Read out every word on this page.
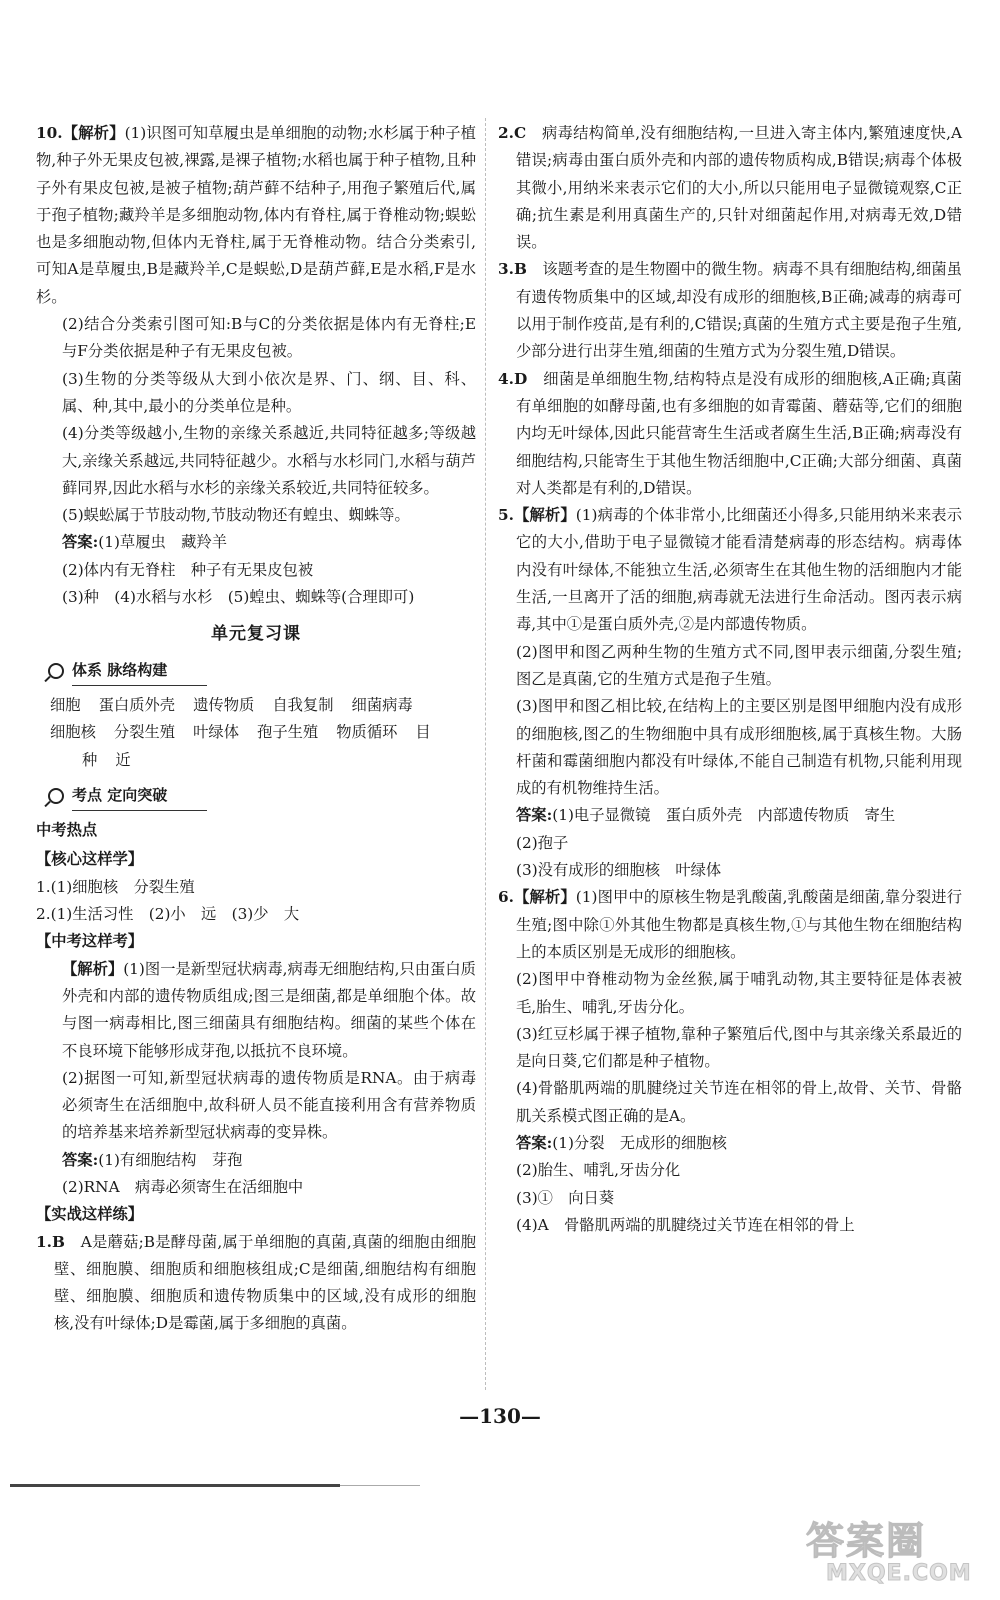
10.【解析】(1)识图可知草履虫是单细胞的动物;水杉属于种子植物,种子外无果皮包被,裸露,是裸子植物;水稻也属于种子植物,且种子外有果皮包被,是被子植物;葫芦藓不结种子,用孢子繁殖后代,属于孢子植物;藏羚羊是多细胞动物,体内有脊柱,属于脊椎动物;蜈蚣也是多细胞动物,但体内无脊柱,属于无脊椎动物。结合分类索引,可知A是草履虫,B是藏羚羊,C是蜈蚣,D是葫芦藓,E是水稻,F是水杉。

(2)结合分类索引图可知:B与C的分类依据是体内有无脊柱;E与F分类依据是种子有无果皮包被。

(3)生物的分类等级从大到小依次是界、门、纲、目、科、属、种,其中,最小的分类单位是种。

(4)分类等级越小,生物的亲缘关系越近,共同特征越多;等级越大,亲缘关系越远,共同特征越少。水稻与水杉同门,水稻与葫芦藓同界,因此水稻与水杉的亲缘关系较近,共同特征较多。

(5)蜈蚣属于节肢动物,节肢动物还有蝗虫、蜘蛛等。

答案:(1)草履虫　藏羚羊

(2)体内有无脊柱　种子有无果皮包被

(3)种　(4)水稻与水杉　(5)蝗虫、蜘蛛等(合理即可)

单元复习课
体系 脉络构建

细胞 蛋白质外壳 遗传物质 自我复制 细菌病毒

细胞核 分裂生殖 叶绿体 孢子生殖 物质循环 目

种 近

考点 定向突破

中考热点

【核心这样学】

1.(1)细胞核　分裂生殖

2.(1)生活习性　(2)小　远　(3)少　大

【中考这样考】

【解析】(1)图一是新型冠状病毒,病毒无细胞结构,只由蛋白质外壳和内部的遗传物质组成;图三是细菌,都是单细胞个体。故与图一病毒相比,图三细菌具有细胞结构。细菌的某些个体在不良环境下能够形成芽孢,以抵抗不良环境。

(2)据图一可知,新型冠状病毒的遗传物质是RNA。由于病毒必须寄生在活细胞中,故科研人员不能直接利用含有营养物质的培养基来培养新型冠状病毒的变异株。

答案:(1)有细胞结构　芽孢

(2)RNA　病毒必须寄生在活细胞中

【实战这样练】

1.B　 A是蘑菇;B是酵母菌,属于单细胞的真菌,真菌的细胞由细胞壁、细胞膜、细胞质和细胞核组成;C是细菌,细胞结构有细胞壁、细胞膜、细胞质和遗传物质集中的区域,没有成形的细胞核,没有叶绿体;D是霉菌,属于多细胞的真菌。

2.C　 病毒结构简单,没有细胞结构,一旦进入寄主体内,繁殖速度快,A错误;病毒由蛋白质外壳和内部的遗传物质构成,B错误;病毒个体极其微小,用纳米来表示它们的大小,所以只能用电子显微镜观察,C正确;抗生素是利用真菌生产的,只针对细菌起作用,对病毒无效,D错误。

3.B　 该题考查的是生物圈中的微生物。病毒不具有细胞结构,细菌虽有遗传物质集中的区域,却没有成形的细胞核,B正确;减毒的病毒可以用于制作疫苗,是有利的,C错误;真菌的生殖方式主要是孢子生殖,少部分进行出芽生殖,细菌的生殖方式为分裂生殖,D错误。

4.D　 细菌是单细胞生物,结构特点是没有成形的细胞核,A正确;真菌有单细胞的如酵母菌,也有多细胞的如青霉菌、蘑菇等,它们的细胞内均无叶绿体,因此只能营寄生生活或者腐生生活,B正确;病毒没有细胞结构,只能寄生于其他生物活细胞中,C正确;大部分细菌、真菌对人类都是有利的,D错误。

5.【解析】(1)病毒的个体非常小,比细菌还小得多,只能用纳米来表示它的大小,借助于电子显微镜才能看清楚病毒的形态结构。病毒体内没有叶绿体,不能独立生活,必须寄生在其他生物的活细胞内才能生活,一旦离开了活的细胞,病毒就无法进行生命活动。图丙表示病毒,其中①是蛋白质外壳,②是内部遗传物质。

(2)图甲和图乙两种生物的生殖方式不同,图甲表示细菌,分裂生殖;图乙是真菌,它的生殖方式是孢子生殖。

(3)图甲和图乙相比较,在结构上的主要区别是图甲细胞内没有成形的细胞核,图乙的生物细胞中具有成形细胞核,属于真核生物。大肠杆菌和霉菌细胞内都没有叶绿体,不能自己制造有机物,只能利用现成的有机物维持生活。

答案:(1)电子显微镜　蛋白质外壳　内部遗传物质　寄生

(2)孢子

(3)没有成形的细胞核　叶绿体

6.【解析】(1)图甲中的原核生物是乳酸菌,乳酸菌是细菌,靠分裂进行生殖;图中除①外其他生物都是真核生物,①与其他生物在细胞结构上的本质区别是无成形的细胞核。

(2)图甲中脊椎动物为金丝猴,属于哺乳动物,其主要特征是体表被毛,胎生、哺乳,牙齿分化。

(3)红豆杉属于裸子植物,靠种子繁殖后代,图中与其亲缘关系最近的是向日葵,它们都是种子植物。

(4)骨骼肌两端的肌腱绕过关节连在相邻的骨上,故骨、关节、骨骼肌关系模式图正确的是A。

答案:(1)分裂　无成形的细胞核

(2)胎生、哺乳,牙齿分化

(3)①　向日葵

(4)A　骨骼肌两端的肌腱绕过关节连在相邻的骨上

—130—
答案圈
MXQE.COM
